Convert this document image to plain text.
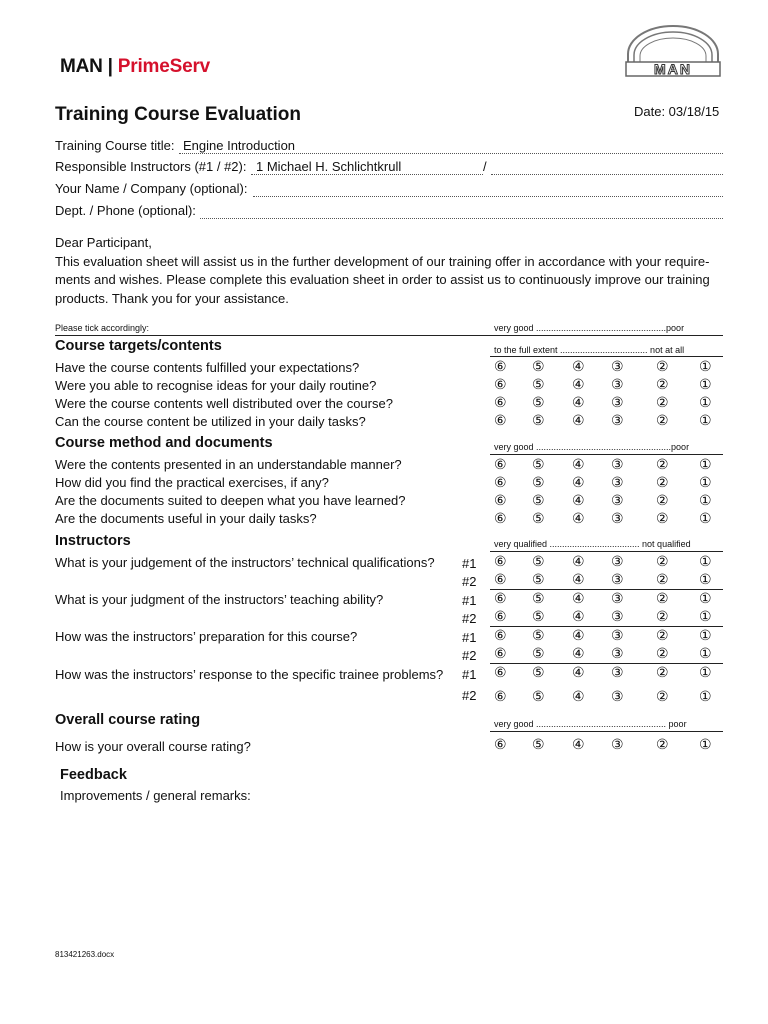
MAN | PrimeServ	MAN
Training Course Evaluation	Date: 03/18/15
Training Course title: Engine Introduction
Responsible Instructors (#1 / #2): 1 Michael H. Schlichtkrull	/
Your Name / Company (optional):
Dept. / Phone (optional):
Dear Participant,
This evaluation sheet will assist us in the further development of our training offer in accordance with your require-ments and wishes. Please complete this evaluation sheet in order to assist us to continuously improve our training products. Thank you for your assistance.
Please tick accordingly:	very good ....................................................poor
Course targets/contents	to the full extent ................................... not at all
Have the course contents fulfilled your expectations?	⑥ ⑤ ④ ③ ② ①
Were you able to recognise ideas for your daily routine?	⑥ ⑤ ④ ③ ② ①
Were the course contents well distributed over the course?	⑥ ⑤ ④ ③ ② ①
Can the course content be utilized in your daily tasks?	⑥ ⑤ ④ ③ ② ①
Course method and documents	very good ......................................................poor
Were the contents presented in an understandable manner?	⑥ ⑤ ④ ③ ② ①
How did you find the practical exercises, if any?	⑥ ⑤ ④ ③ ② ①
Are the documents suited to deepen what you have learned?	⑥ ⑤ ④ ③ ② ①
Are the documents useful in your daily tasks?	⑥ ⑤ ④ ③ ② ①
Instructors	very qualified .................................... not qualified
What is your judgement of the instructors’ technical qualifications? #1 ⑥ ⑤ ④ ③ ② ①
#2 ⑥ ⑤ ④ ③ ② ①
What is your judgment of the instructors’ teaching ability?	#1 ⑥ ⑤ ④ ③ ② ①
#2 ⑥ ⑤ ④ ③ ② ①
How was the instructors’ preparation for this course?	#1 ⑥ ⑤ ④ ③ ② ①
#2 ⑥ ⑤ ④ ③ ② ①
How was the instructors’ response to the specific trainee problems? #1 ⑥ ⑤ ④ ③ ② ①
#2 ⑥ ⑤ ④ ③ ② ①
Overall course rating	very good .................................................... poor
How is your overall course rating?	⑥ ⑤ ④ ③ ② ①
Feedback
Improvements / general remarks:
813421263.docx
